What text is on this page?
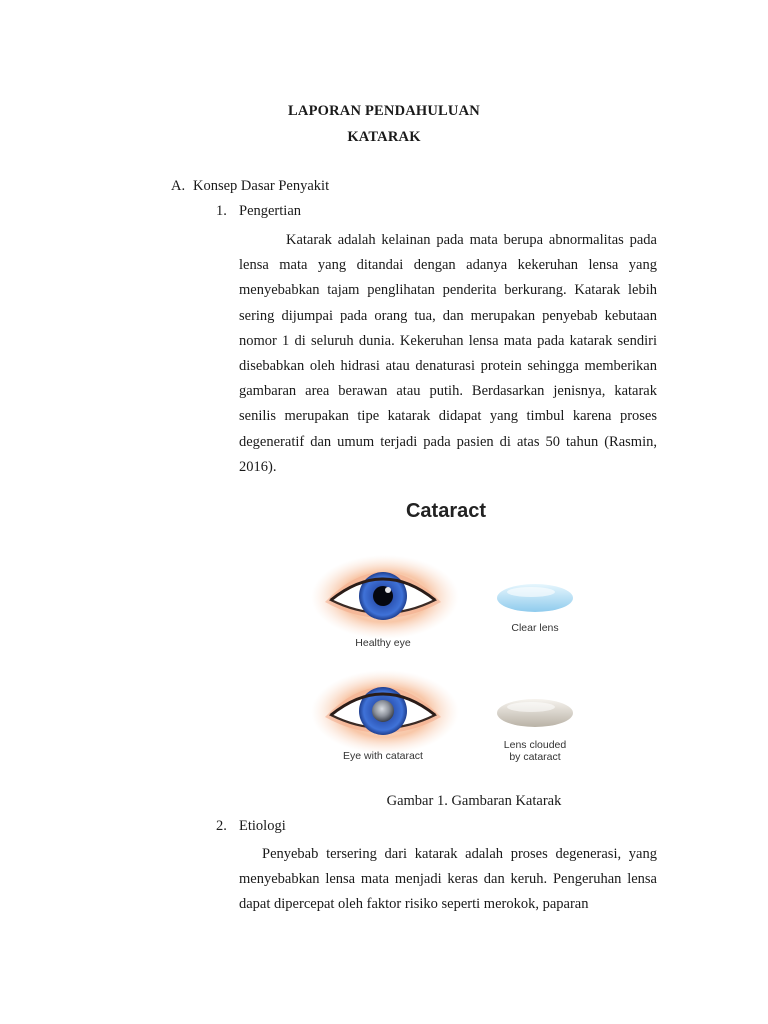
LAPORAN PENDAHULUAN

KATARAK

A. Konsep Dasar Penyakit

1. Pengertian

Katarak adalah kelainan pada mata berupa abnormalitas pada lensa mata yang ditandai dengan adanya kekeruhan lensa yang menyebabkan tajam penglihatan penderita berkurang. Katarak lebih sering dijumpai pada orang tua, dan merupakan penyebab kebutaan nomor 1 di seluruh dunia. Kekeruhan lensa mata pada katarak sendiri disebabkan oleh hidrasi atau denaturasi protein sehingga memberikan gambaran area berawan atau putih. Berdasarkan jenisnya, katarak senilis merupakan tipe katarak didapat yang timbul karena proses degeneratif dan umum terjadi pada pasien di atas 50 tahun (Rasmin, 2016).

Cataract
Healthy eye
Clear lens
Eye with cataract
Lens clouded
by cataract

Gambar 1. Gambaran Katarak

2. Etiologi

Penyebab tersering dari katarak adalah proses degenerasi, yang menyebabkan lensa mata menjadi keras dan keruh. Pengeruhan lensa dapat dipercepat oleh faktor risiko seperti merokok, paparan
